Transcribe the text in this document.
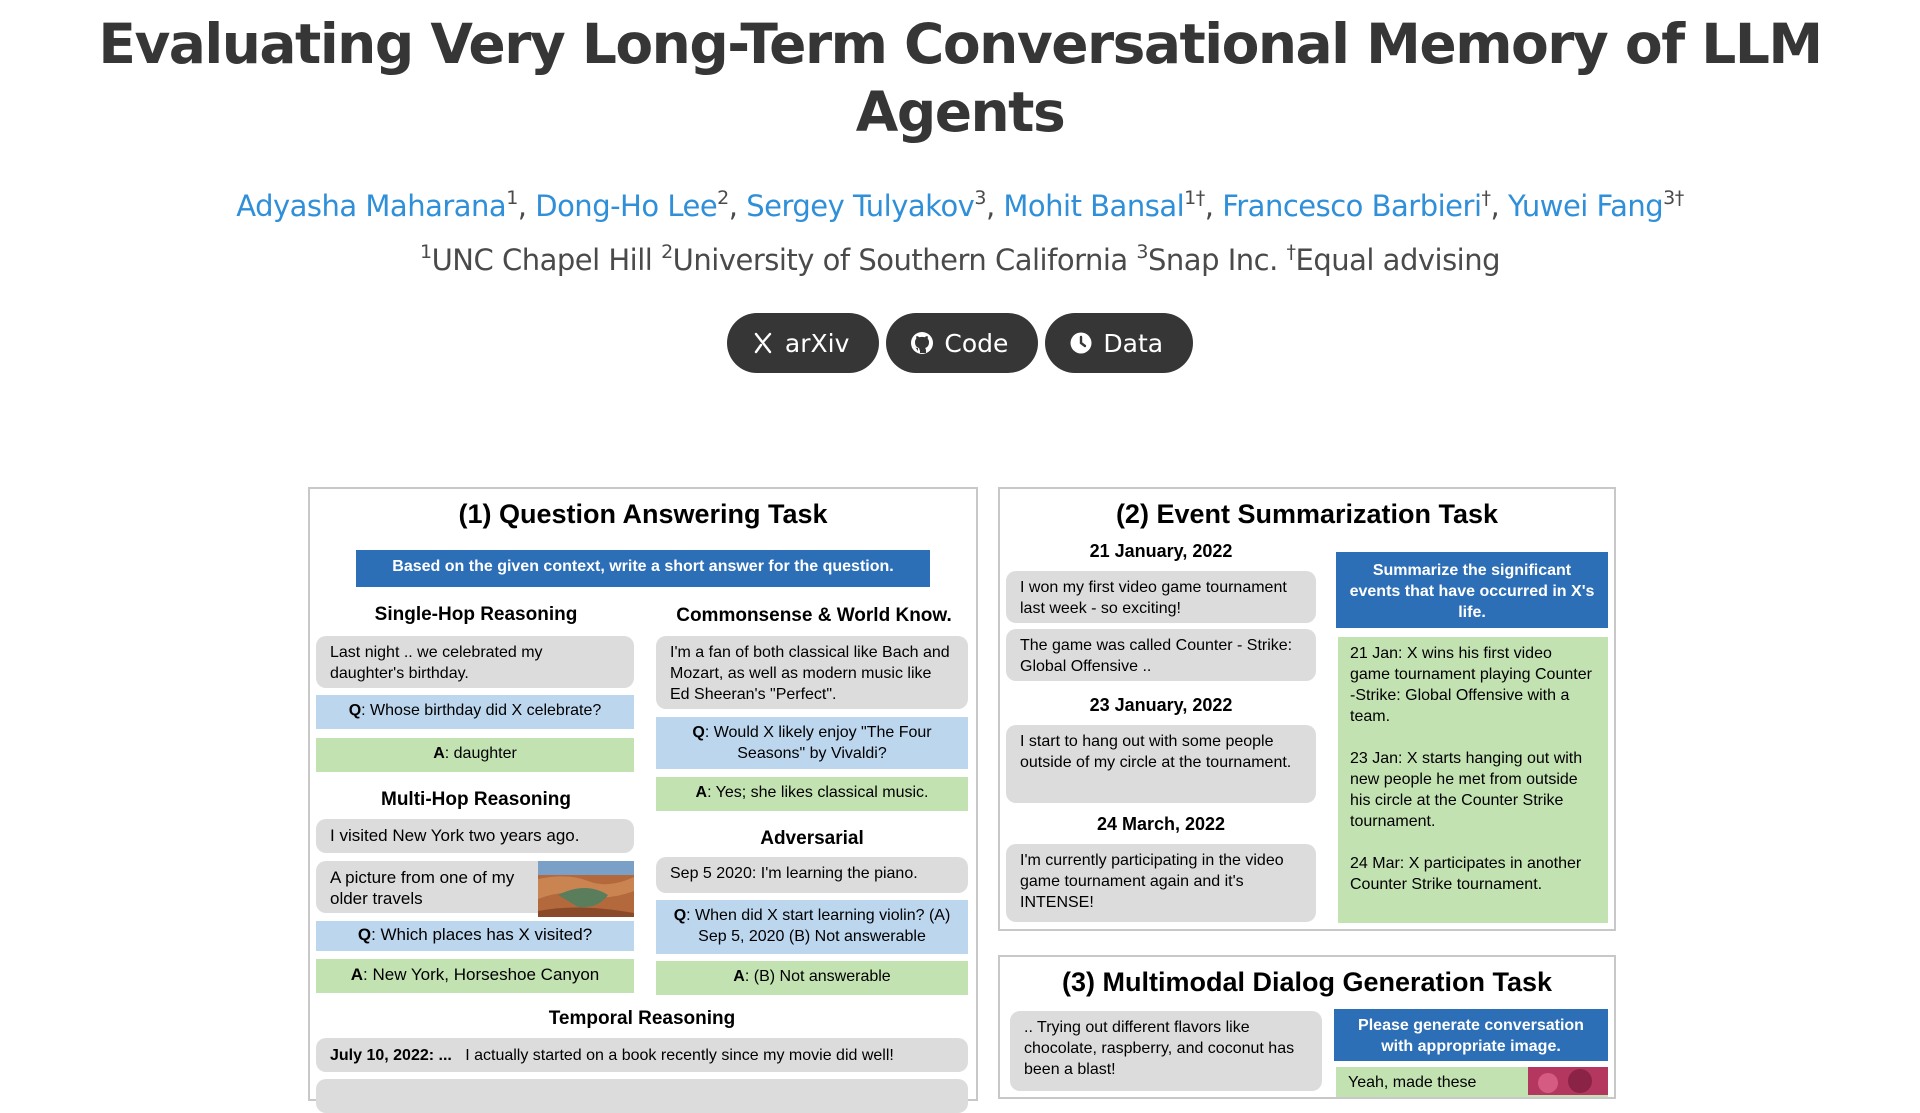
Evaluating Very Long-Term Conversational Memory of LLM Agents
Adyasha Maharana$^1$, Dong-Ho Lee$^2$, Sergey Tulyakov$^3$, Mohit Bansal$^{1\dagger}$, Francesco Barbieri†, Yuwei Fang$^{3\dagger}$
$^1$UNC Chapel Hill $^2$University of Southern California $^3$Snap Inc. †Equal advising
arXiv	Code	Data
(1) Question Answering Task
Based on the given context, write a short answer for the question.
Single-Hop Reasoning
Last night .. we celebrated my daughter's birthday.
Q: Whose birthday did X celebrate?
A: daughter
Multi-Hop Reasoning
I visited New York two years ago.
A picture from one of my older travels
Q: Which places has X visited?
A: New York, Horseshoe Canyon
Commonsense & World Know.
I'm a fan of both classical like Bach and Mozart, as well as modern music like Ed Sheeran's "Perfect".
Q: Would X likely enjoy "The Four Seasons" by Vivaldi?
A: Yes; she likes classical music.
Adversarial
Sep 5 2020: I'm learning the piano.
Q: When did X start learning violin? (A) Sep 5, 2020 (B) Not answerable
A: (B) Not answerable
Temporal Reasoning
July 10, 2022: ... I actually started on a book recently since my movie did well!
(2) Event Summarization Task
21 January, 2022
I won my first video game tournament last week - so exciting!
The game was called Counter - Strike: Global Offensive ..
23 January, 2022
I start to hang out with some people outside of my circle at the tournament.
24 March, 2022
I'm currently participating in the video game tournament again and it's INTENSE!
Summarize the significant events that have occurred in X's life.
21 Jan: X wins his first video game tournament playing Counter -Strike: Global Offensive with a team.

23 Jan: X starts hanging out with new people he met from outside his circle at the Counter Strike tournament.

24 Mar: X participates in another Counter Strike tournament.
(3) Multimodal Dialog Generation Task
.. Trying out different flavors like chocolate, raspberry, and coconut has been a blast!
Please generate conversation with appropriate image.
Yeah, made these
